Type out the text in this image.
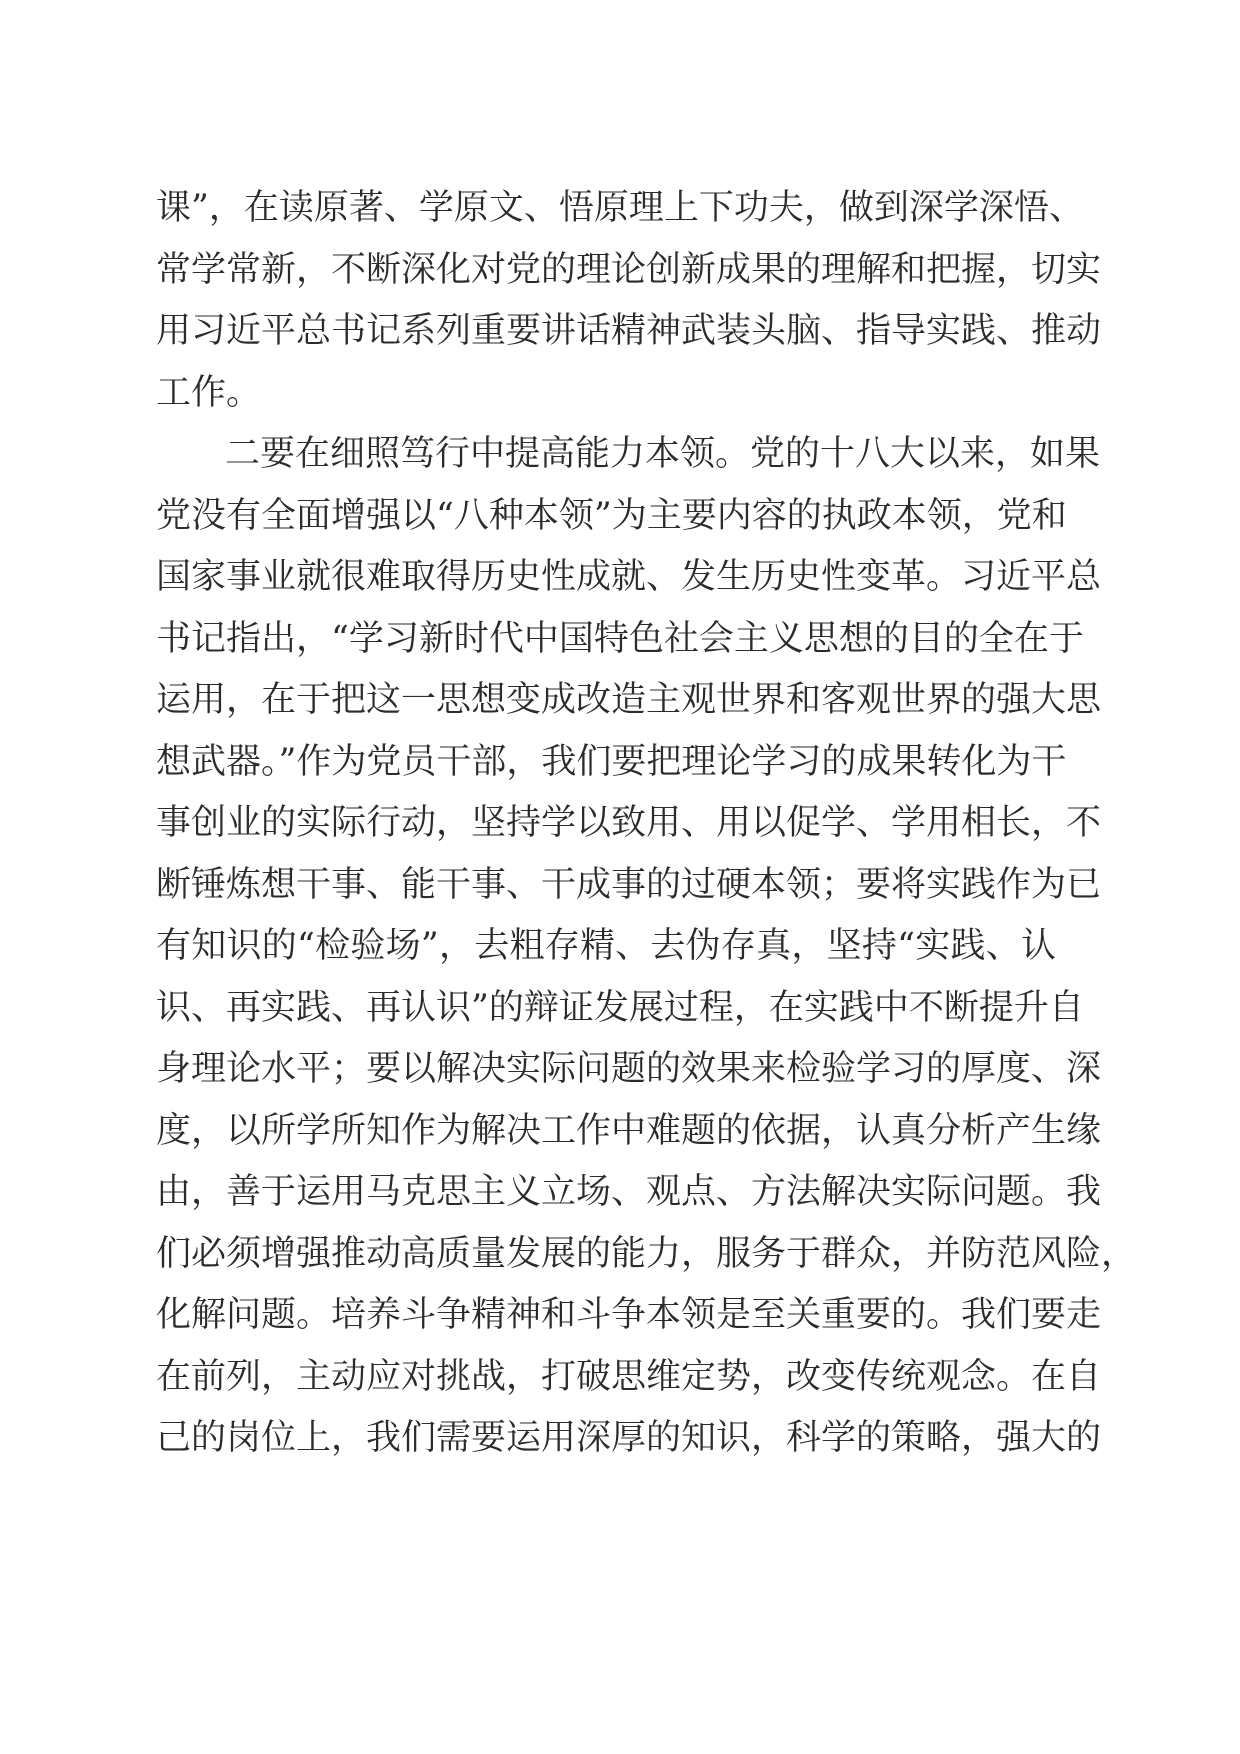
课”，在读原著、学原文、悟原理上下功夫，做到深学深悟、
常学常新，不断深化对党的理论创新成果的理解和把握，切实
用习近平总书记系列重要讲话精神武装头脑、指导实践、推动
工作。
二要在细照笃行中提高能力本领。党的十八大以来，如果
党没有全面增强以“八种本领”为主要内容的执政本领，党和
国家事业就很难取得历史性成就、发生历史性变革。习近平总
书记指出，“学习新时代中国特色社会主义思想的目的全在于
运用，在于把这一思想变成改造主观世界和客观世界的强大思
想武器。”作为党员干部，我们要把理论学习的成果转化为干
事创业的实际行动，坚持学以致用、用以促学、学用相长，不
断锤炼想干事、能干事、干成事的过硬本领；要将实践作为已
有知识的“检验场”，去粗存精、去伪存真，坚持“实践、认
识、再实践、再认识”的辩证发展过程，在实践中不断提升自
身理论水平；要以解决实际问题的效果来检验学习的厚度、深
度，以所学所知作为解决工作中难题的依据，认真分析产生缘
由，善于运用马克思主义立场、观点、方法解决实际问题。我
们必须增强推动高质量发展的能力，服务于群众，并防范风险，
化解问题。培养斗争精神和斗争本领是至关重要的。我们要走
在前列，主动应对挑战，打破思维定势，改变传统观念。在自
己的岗位上，我们需要运用深厚的知识，科学的策略，强大的
